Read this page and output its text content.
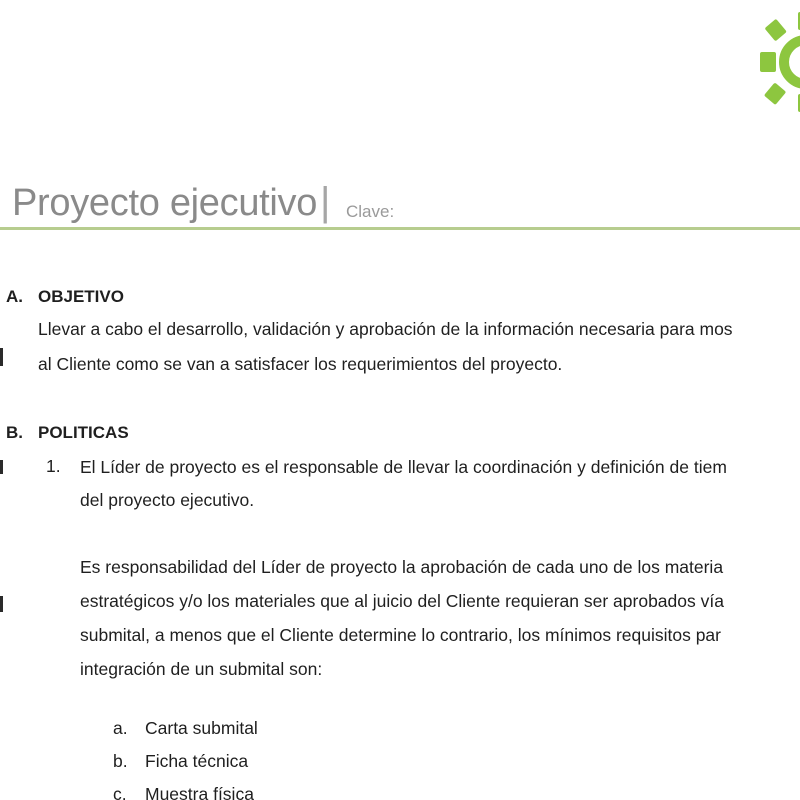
Proyecto ejecutivo | Clave:
A. OBJETIVO
Llevar a cabo el desarrollo, validación y aprobación de la información necesaria para mos
al Cliente como se van a satisfacer los requerimientos del proyecto.
B. POLITICAS
1. El Líder de proyecto es el responsable de llevar la coordinación y definición de tiem
del proyecto ejecutivo.
Es responsabilidad del Líder de proyecto la aprobación de cada uno de los materia
estratégicos y/o los materiales que al juicio del Cliente requieran ser aprobados vía
submital, a menos que el Cliente determine lo contrario, los mínimos requisitos par
integración de un submital son:
a. Carta submital
b. Ficha técnica
c. Muestra física
